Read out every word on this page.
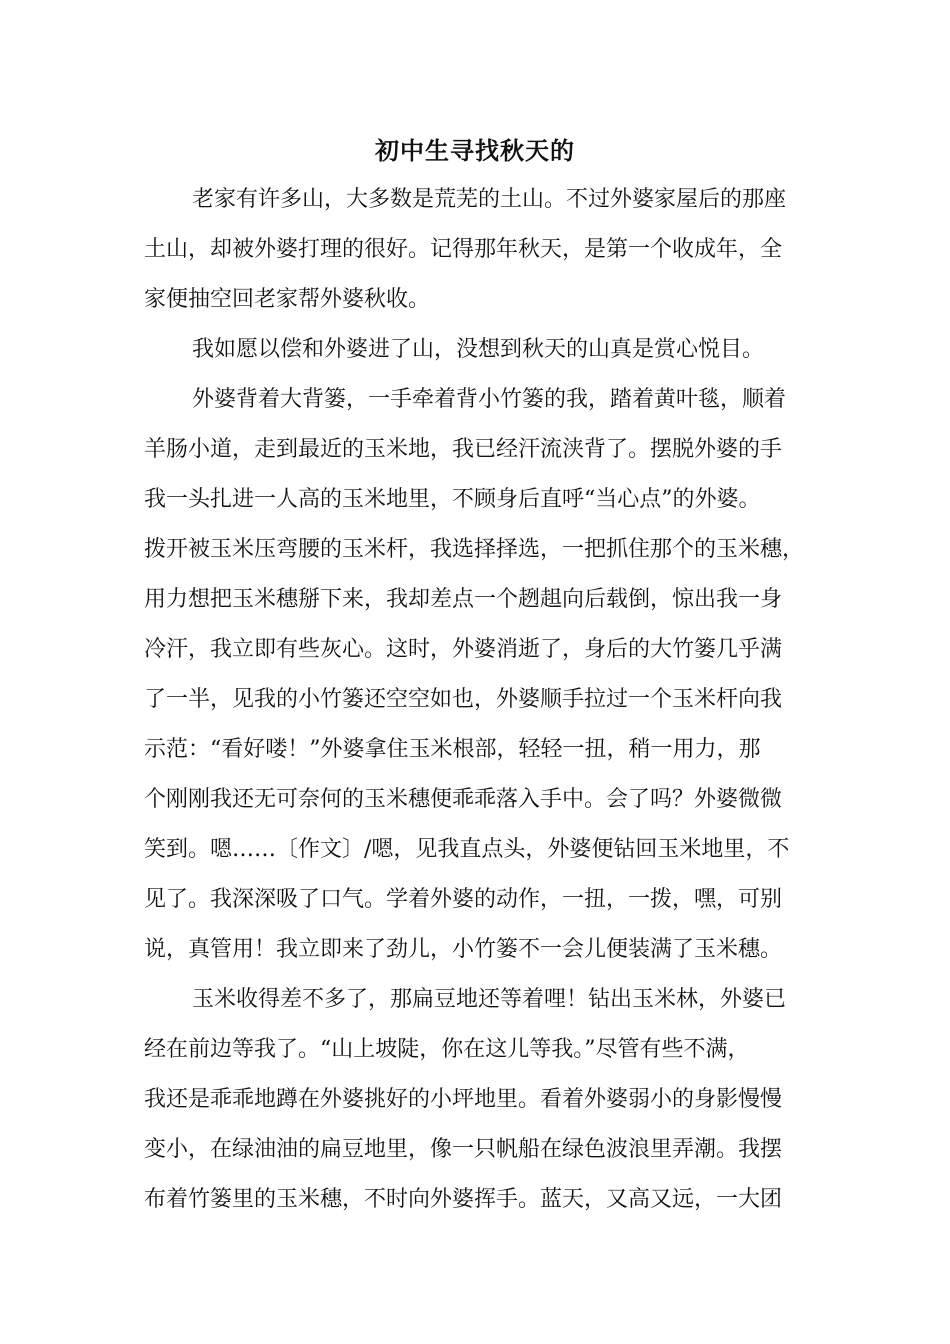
初中生寻找秋天的
老家有许多山，大多数是荒芜的土山。不过外婆家屋后的那座
土山，却被外婆打理的很好。记得那年秋天，是第一个收成年，全
家便抽空回老家帮外婆秋收。
我如愿以偿和外婆进了山，没想到秋天的山真是赏心悦目。
外婆背着大背篓，一手牵着背小竹篓的我，踏着黄叶毯，顺着
羊肠小道，走到最近的玉米地，我已经汗流浃背了。摆脱外婆的手
我一头扎进一人高的玉米地里，不顾身后直呼“当心点”的外婆。
拨开被玉米压弯腰的玉米杆，我选择择选，一把抓住那个的玉米穗，
用力想把玉米穗掰下来，我却差点一个趔趄向后载倒，惊出我一身
冷汗，我立即有些灰心。这时，外婆消逝了，身后的大竹篓几乎满
了一半，见我的小竹篓还空空如也，外婆顺手拉过一个玉米杆向我
示范：“看好喽！”外婆拿住玉米根部，轻轻一扭，稍一用力，那
个刚刚我还无可奈何的玉米穗便乖乖落入手中。会了吗？外婆微微
笑到。嗯……〔作文〕/嗯，见我直点头，外婆便钻回玉米地里，不
见了。我深深吸了口气。学着外婆的动作，一扭，一拨，嘿，可别
说，真管用！我立即来了劲儿，小竹篓不一会儿便装满了玉米穗。
玉米收得差不多了，那扁豆地还等着哩！钻出玉米林，外婆已
经在前边等我了。“山上坡陡，你在这儿等我。”尽管有些不满，
我还是乖乖地蹲在外婆挑好的小坪地里。看着外婆弱小的身影慢慢
变小，在绿油油的扁豆地里，像一只帆船在绿色波浪里弄潮。我摆
布着竹篓里的玉米穗，不时向外婆挥手。蓝天，又高又远，一大团
